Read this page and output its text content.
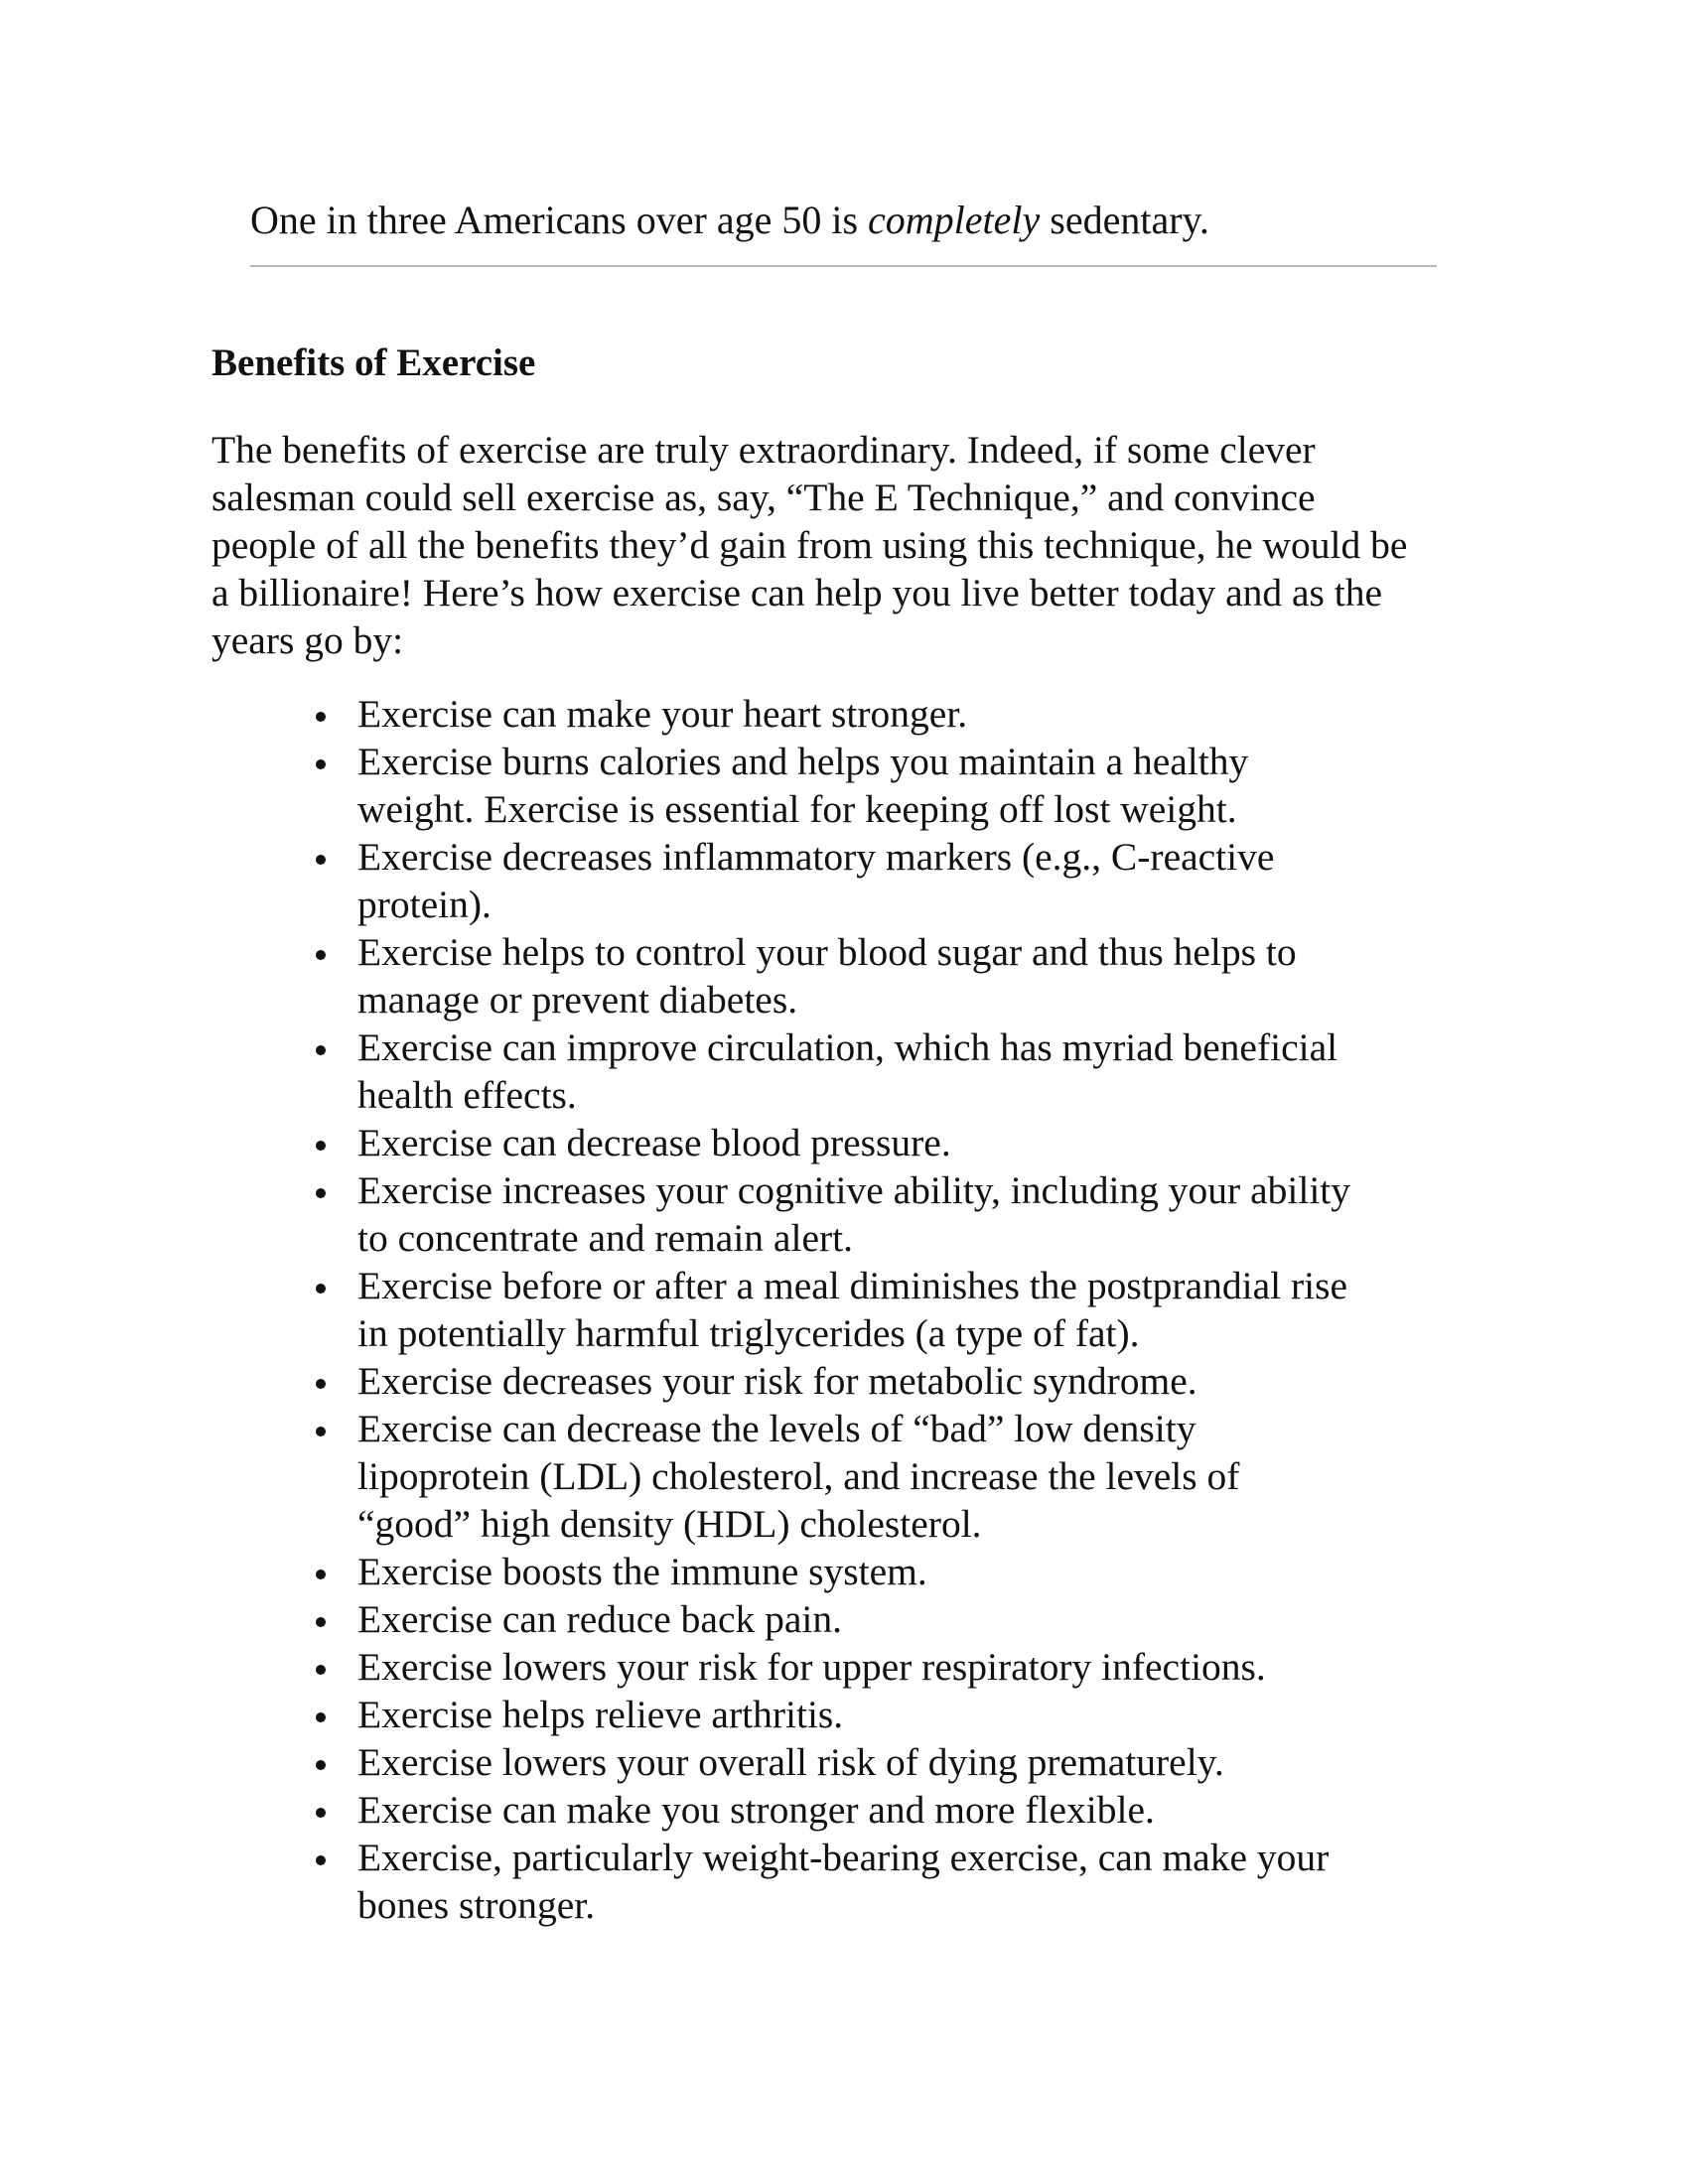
One in three Americans over age 50 is completely sedentary.
Benefits of Exercise

The benefits of exercise are truly extraordinary. Indeed, if some clever
salesman could sell exercise as, say, “The E Technique,” and convince
people of all the benefits they’d gain from using this technique, he would be
a billionaire! Here’s how exercise can help you live better today and as the
years go by:

Exercise can make your heart stronger.
Exercise burns calories and helps you maintain a healthy
weight. Exercise is essential for keeping off lost weight.
Exercise decreases inflammatory markers (e.g., C-reactive
protein).
Exercise helps to control your blood sugar and thus helps to
manage or prevent diabetes.
Exercise can improve circulation, which has myriad beneficial
health effects.
Exercise can decrease blood pressure.
Exercise increases your cognitive ability, including your ability
to concentrate and remain alert.
Exercise before or after a meal diminishes the postprandial rise
in potentially harmful triglycerides (a type of fat).
Exercise decreases your risk for metabolic syndrome.
Exercise can decrease the levels of “bad” low density
lipoprotein (LDL) cholesterol, and increase the levels of
“good” high density (HDL) cholesterol.
Exercise boosts the immune system.
Exercise can reduce back pain.
Exercise lowers your risk for upper respiratory infections.
Exercise helps relieve arthritis.
Exercise lowers your overall risk of dying prematurely.
Exercise can make you stronger and more flexible.
Exercise, particularly weight-bearing exercise, can make your
bones stronger.
